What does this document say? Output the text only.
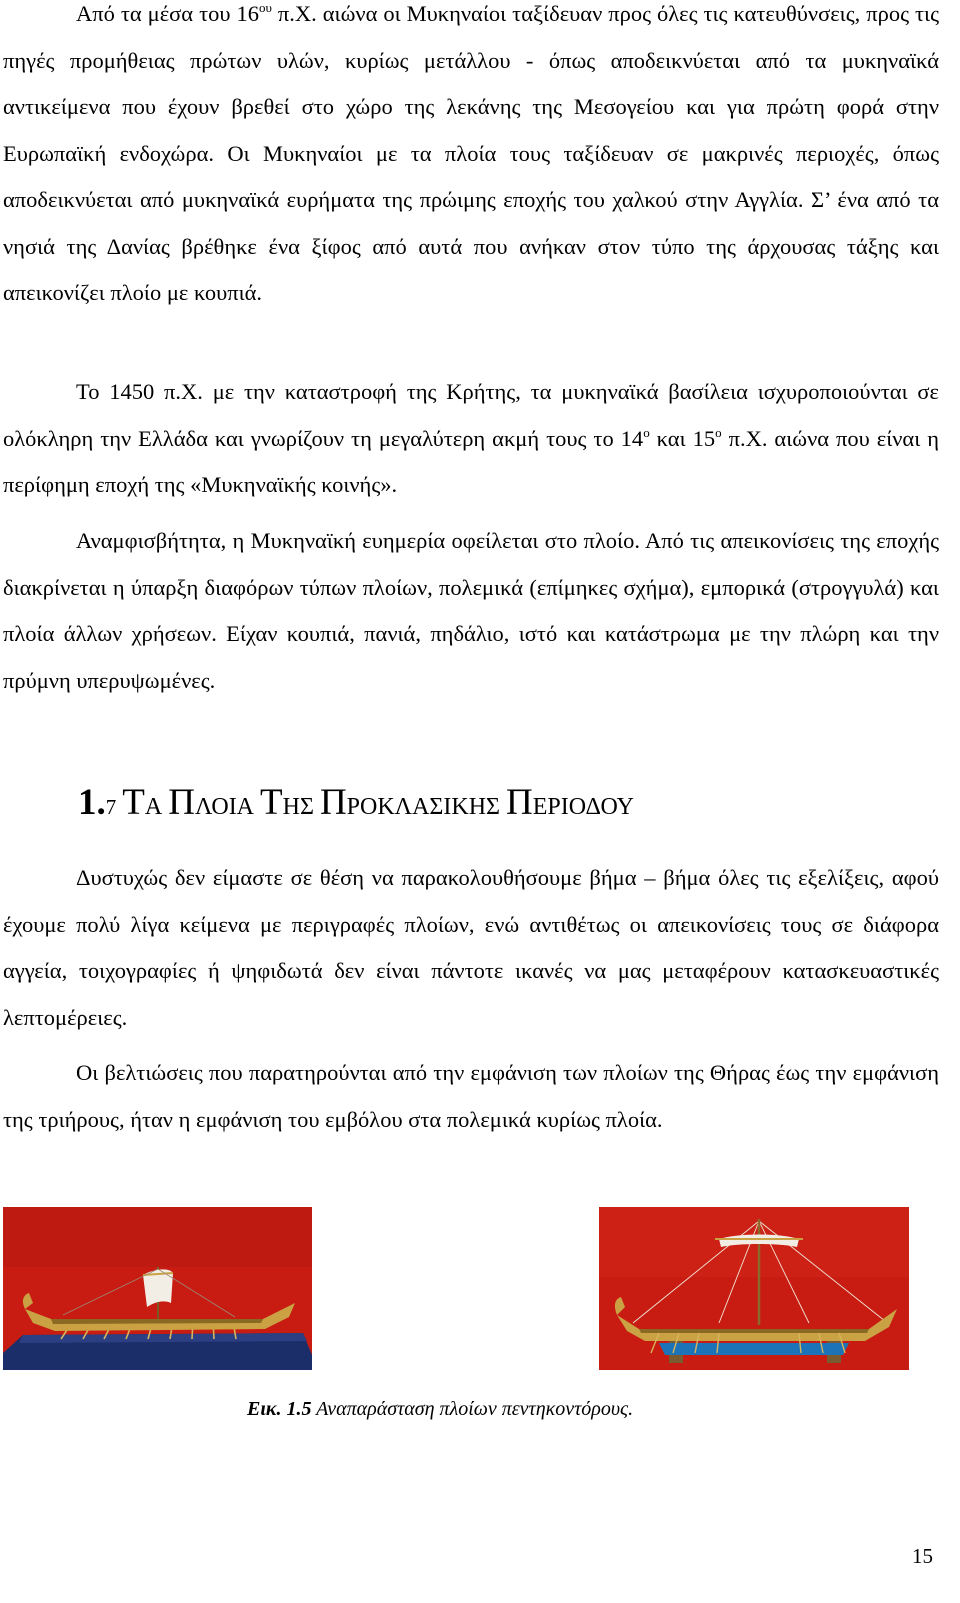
Από τα μέσα του $16^{o\upsilon}$ π.Χ. αιώνα οι Μυκηναίοι ταξίδευαν προς όλες τις κατευθύνσεις, προς τις πηγές προμήθειας πρώτων υλών, κυρίως μετάλλου - όπως αποδεικνύεται από τα μυκηναϊκά αντικείμενα που έχουν βρεθεί στο χώρο της λεκάνης της Μεσογείου και για πρώτη φορά στην Ευρωπαϊκή ενδοχώρα. Οι Μυκηναίοι με τα πλοία τους ταξίδευαν σε μακρινές περιοχές, όπως αποδεικνύεται από μυκηναϊκά ευρήματα της πρώιμης εποχής του χαλκού στην Αγγλία. Σ’ ένα από τα νησιά της Δανίας βρέθηκε ένα ξίφος από αυτά που ανήκαν στον τύπο της άρχουσας τάξης και απεικονίζει πλοίο με κουπιά.

Το 1450 π.Χ. με την καταστροφή της Κρήτης, τα μυκηναϊκά βασίλεια ισχυροποιούνται σε ολόκληρη την Ελλάδα και γνωρίζουν τη μεγαλύτερη ακμή τους το $14^o$ και $15^o$ π.Χ. αιώνα που είναι η περίφημη εποχή της «Μυκηναϊκής κοινής».

Αναμφισβήτητα, η Μυκηναϊκή ευημερία οφείλεται στο πλοίο. Από τις απεικονίσεις της εποχής διακρίνεται η ύπαρξη διαφόρων τύπων πλοίων, πολεμικά (επίμηκες σχήμα), εμπορικά (στρογγυλά) και πλοία άλλων χρήσεων. Είχαν κουπιά, πανιά, πηδάλιο, ιστό και κατάστρωμα με την πλώρη και την πρύμνη υπερυψωμένες.

1.7 ΤΑ ΠΛΟΙΑ ΤΗΣ ΠΡΟΚΛΑΣΙΚΗΣ ΠΕΡΙΟΔΟΥ

Δυστυχώς δεν είμαστε σε θέση να παρακολουθήσουμε βήμα – βήμα όλες τις εξελίξεις, αφού έχουμε πολύ λίγα κείμενα με περιγραφές πλοίων, ενώ αντιθέτως οι απεικονίσεις τους σε διάφορα αγγεία, τοιχογραφίες ή ψηφιδωτά δεν είναι πάντοτε ικανές να μας μεταφέρουν κατασκευαστικές λεπτομέρειες.

Οι βελτιώσεις που παρατηρούνται από την εμφάνιση των πλοίων της Θήρας έως την εμφάνιση της τριήρους, ήταν η εμφάνιση του εμβόλου στα πολεμικά κυρίως πλοία.

Εικ. 1.5 Αναπαράσταση πλοίων πεντηκοντόρους.
15
